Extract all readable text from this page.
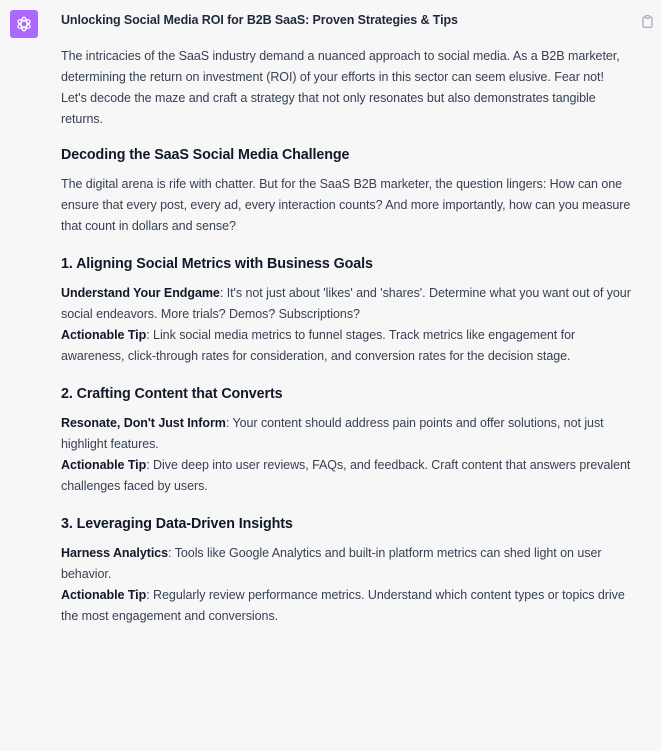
Unlocking Social Media ROI for B2B SaaS: Proven Strategies & Tips

The intricacies of the SaaS industry demand a nuanced approach to social media. As a B2B marketer, determining the return on investment (ROI) of your efforts in this sector can seem elusive. Fear not! Let's decode the maze and craft a strategy that not only resonates but also demonstrates tangible returns.

Decoding the SaaS Social Media Challenge

The digital arena is rife with chatter. But for the SaaS B2B marketer, the question lingers: How can one ensure that every post, every ad, every interaction counts? And more importantly, how can you measure that count in dollars and sense?

1. Aligning Social Metrics with Business Goals

Understand Your Endgame: It's not just about 'likes' and 'shares'. Determine what you want out of your social endeavors. More trials? Demos? Subscriptions?

Actionable Tip: Link social media metrics to funnel stages. Track metrics like engagement for awareness, click-through rates for consideration, and conversion rates for the decision stage.

2. Crafting Content that Converts

Resonate, Don't Just Inform: Your content should address pain points and offer solutions, not just highlight features.

Actionable Tip: Dive deep into user reviews, FAQs, and feedback. Craft content that answers prevalent challenges faced by users.

3. Leveraging Data-Driven Insights

Harness Analytics: Tools like Google Analytics and built-in platform metrics can shed light on user behavior.

Actionable Tip: Regularly review performance metrics. Understand which content types or topics drive the most engagement and conversions.
